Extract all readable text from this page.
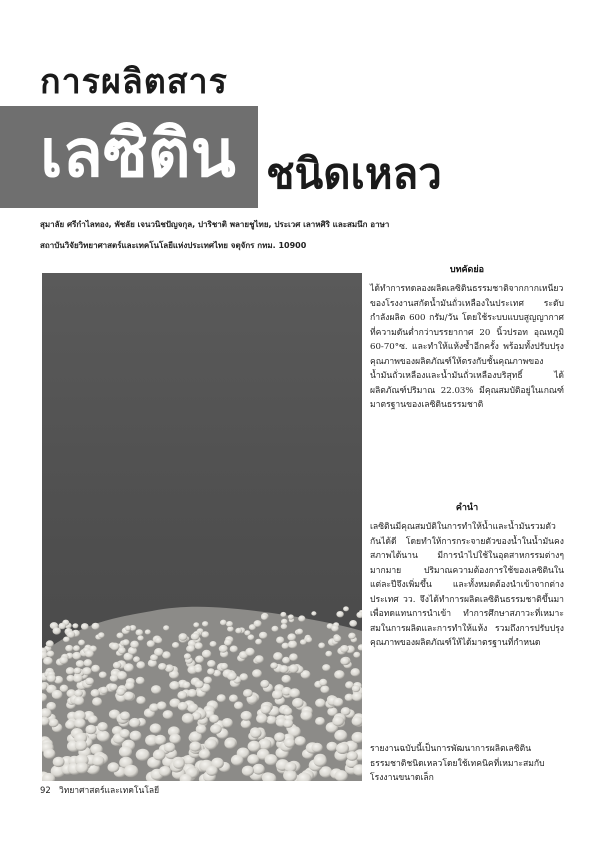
การผลิตสาร
เลซิติน ชนิดเหลว
สุมาลัย ศรีกำไลทอง, พัชลัย เจนวนิชปัญจกุล, ปาริชาติ พลายชูไทย, ประเวศ เลาหศิริ และสมนึก อาษา
สถาบันวิจัยวิทยาศาสตร์และเทคโนโลยีแห่งประเทศไทย จตุจักร กทม. 10900
บทคัดย่อ
ได้ทำการทดลองผลิตเลซิตินธรรมชาติจากกากเหนียวของโรงงานสกัดน้ำมันถั่วเหลืองในประเทศ ระดับกำลังผลิต 600 กรัม/วัน โดยใช้ระบบแบบสูญญากาศที่ความดันต่ำกว่าบรรยากาศ 20 นิ้วปรอท อุณหภูมิ 60-70°ซ. และทำให้แห้งซ้ำอีกครั้ง พร้อมทั้งปรับปรุงคุณภาพของผลิตภัณฑ์ให้ตรงกับชั้นคุณภาพของน้ำมันถั่วเหลืองและน้ำมันถั่วเหลืองบริสุทธิ์ ได้ผลิตภัณฑ์ปริมาณ 22.03% มีคุณสมบัติอยู่ในเกณฑ์มาตรฐานของเลซิตินธรรมชาติ
คำนำ
เลซิตินมีคุณสมบัติในการทำให้น้ำและน้ำมันรวมตัวกันได้ดี โดยทำให้การกระจายตัวของน้ำในน้ำมันคงสภาพได้นาน มีการนำไปใช้ในอุตสาหกรรมต่างๆ มากมาย ปริมาณความต้องการใช้ของเลซิตินในแต่ละปีจึงเพิ่มขึ้น และทั้งหมดต้องนำเข้าจากต่างประเทศ วว. จึงได้ทำการผลิตเลซิตินธรรมชาติขึ้นมาเพื่อทดแทนการนำเข้า ทำการศึกษาสภาวะที่เหมาะสมในการผลิตและการทำให้แห้ง รวมถึงการปรับปรุงคุณภาพของผลิตภัณฑ์ให้ได้มาตรฐานที่กำหนด
รายงานฉบับนี้เป็นการพัฒนาการผลิตเลซิตินธรรมชาติชนิดเหลวโดยใช้เทคนิคที่เหมาะสมกับโรงงานขนาดเล็ก
92 วิทยาศาสตร์และเทคโนโลยี
